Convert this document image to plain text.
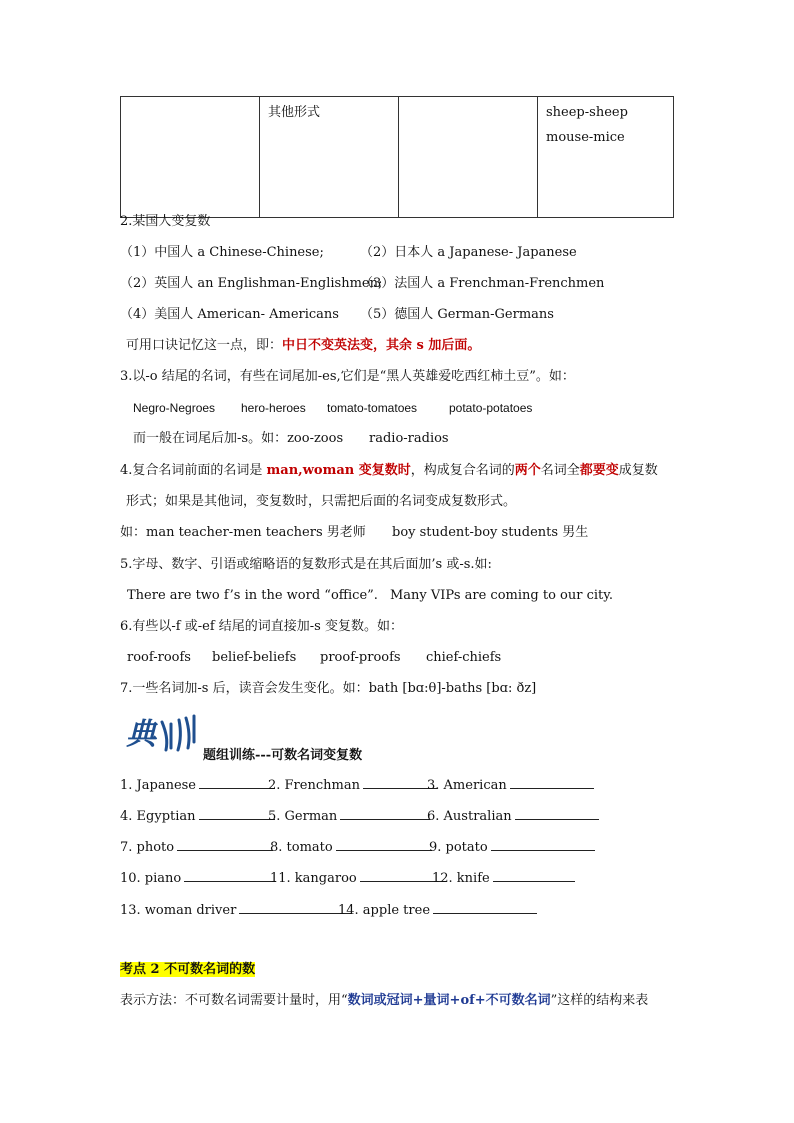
其他形式		sheep-sheep
mouse-mice
2.某国人变复数
（1）中国人 a Chinese-Chinese;	（2）日本人 a Japanese- Japanese
（2）英国人 an Englishman-Englishmen;
（3）法国人 a Frenchman-Frenchmen
（4）美国人 American- Americans （5）德国人 German-Germans
可用口诀记忆这一点，即：中日不变英法变，其余 s 加后面。
3.以-o 结尾的名词，有些在词尾加-es,它们是“黑人英雄爱吃西红柿土豆”。如：
Negro-Negroes hero-heroes tomato-tomatoes	potato-potatoes
而一般在词尾后加-s。如：zoo-zoos radio-radios
4.复合名词前面的名词是 man,woman 变复数时，构成复合名词的两个名词全都要变成复数
形式；如果是其他词，变复数时，只需把后面的名词变成复数形式。
如：man teacher-men teachers 男老师 boy student-boy students 男生
5.字母、数字、引语或缩略语的复数形式是在其后面加’s 或-s.如:
There are two f’s in the word “office”. Many VIPs are coming to our city.
6.有些以-f 或-ef 结尾的词直接加-s 变复数。如：
roof-roofs belief-beliefs proof-proofs chief-chiefs
7.一些名词加-s 后，读音会发生变化。如：bath [bɑ:θ]-baths [bɑ: ðz]
典
题组训练---可数名词变复数
1. Japanese	2. Frenchman	3. American
4. Egyptian	5. German	6. Australian
7. photo	8. tomato	9. potato
10. piano	11. kangaroo	12. knife
13. woman driver	14. apple tree
考点 2 不可数名词的数
表示方法：不可数名词需要计量时，用“数词或冠词+量词+of+不可数名词”这样的结构来表
